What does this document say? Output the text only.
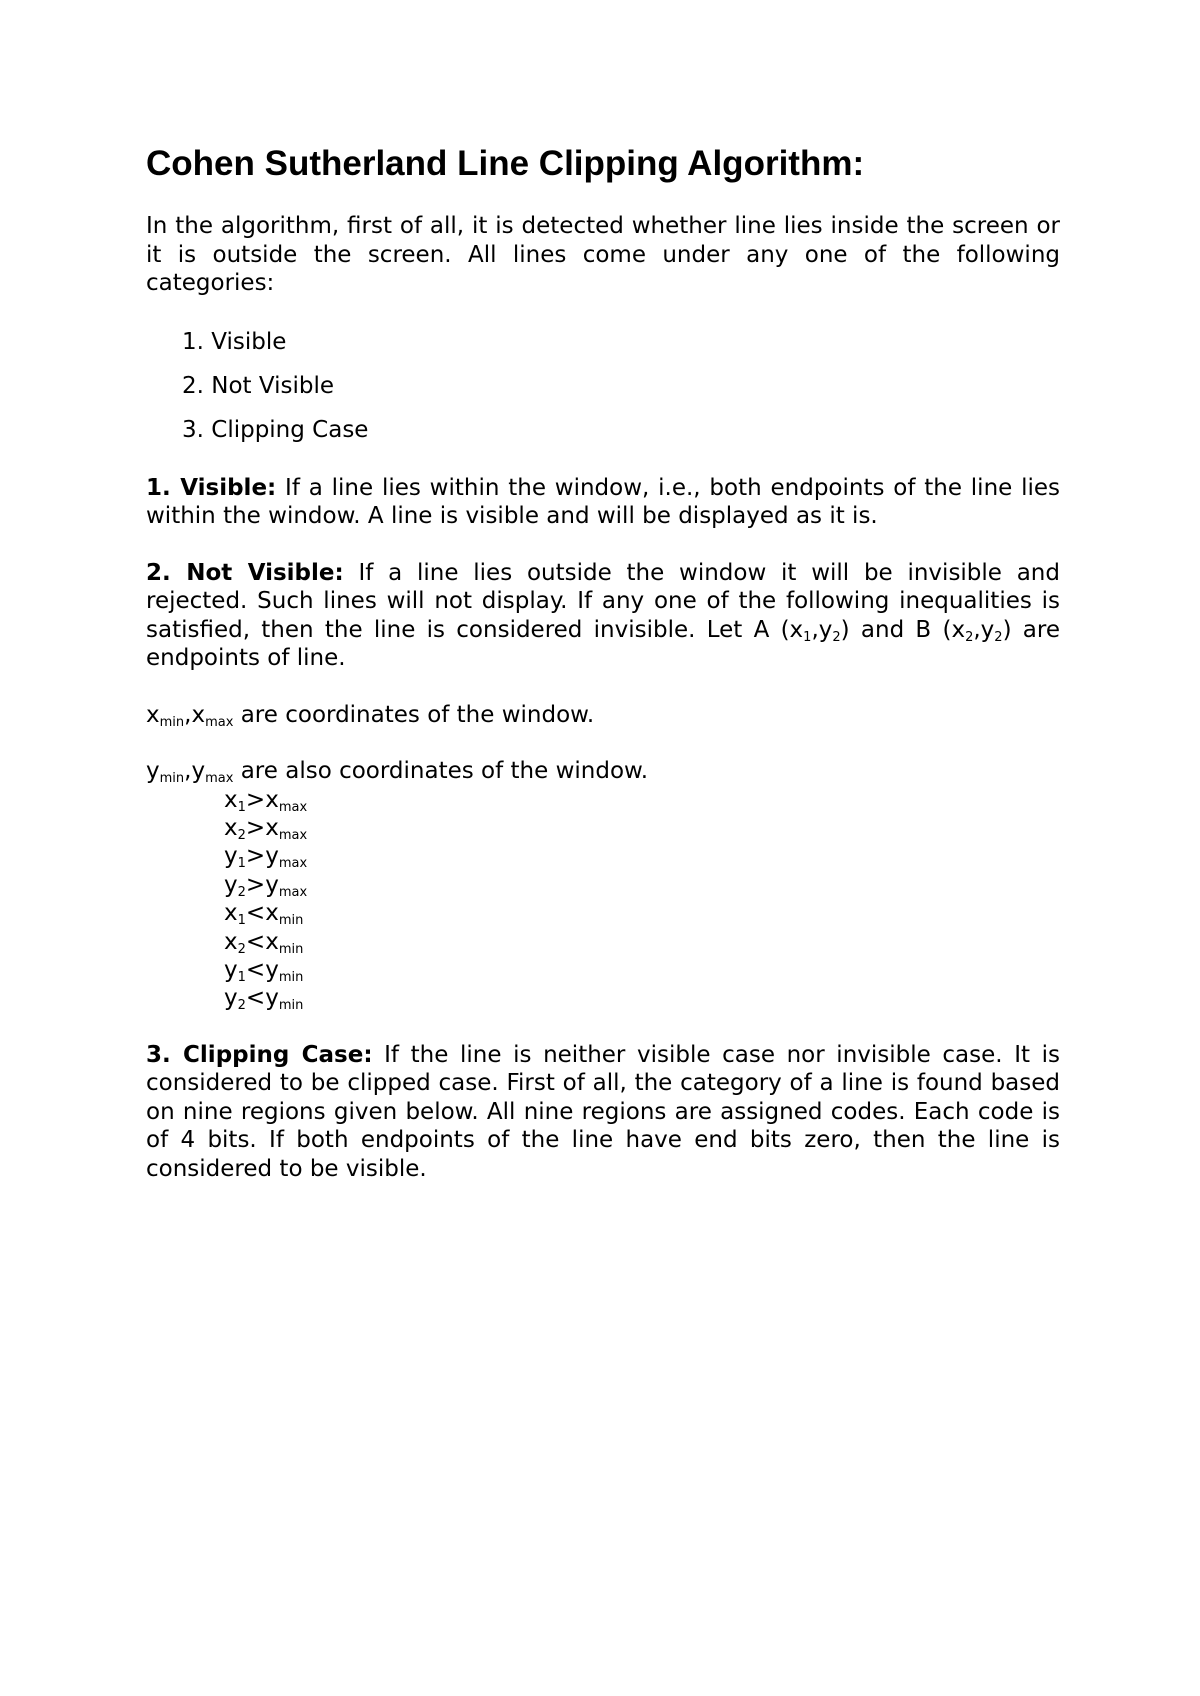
Cohen Sutherland Line Clipping Algorithm:

In the algorithm, first of all, it is detected whether line lies inside the screen or it is outside the screen. All lines come under any one of the following categories:

1. Visible
2. Not Visible
3. Clipping Case

1. Visible: If a line lies within the window, i.e., both endpoints of the line lies within the window. A line is visible and will be displayed as it is.

2. Not Visible: If a line lies outside the window it will be invisible and rejected. Such lines will not display. If any one of the following inequalities is satisfied, then the line is considered invisible. Let A $(x_1,y_2)$ and B $(x_2,y_2)$ are endpoints of line.

$x_{min},x_{max}$ are coordinates of the window.

$y_{min},y_{max}$ are also coordinates of the window.

$x_1>x_{max}$
$x_2>x_{max}$
$y_1>y_{max}$
$y_2>y_{max}$
$x_1<x_{min}$
$x_2<x_{min}$
$y_1<y_{min}$
$y_2<y_{min}$

3. Clipping Case: If the line is neither visible case nor invisible case. It is considered to be clipped case. First of all, the category of a line is found based on nine regions given below. All nine regions are assigned codes. Each code is of 4 bits. If both endpoints of the line have end bits zero, then the line is considered to be visible.
